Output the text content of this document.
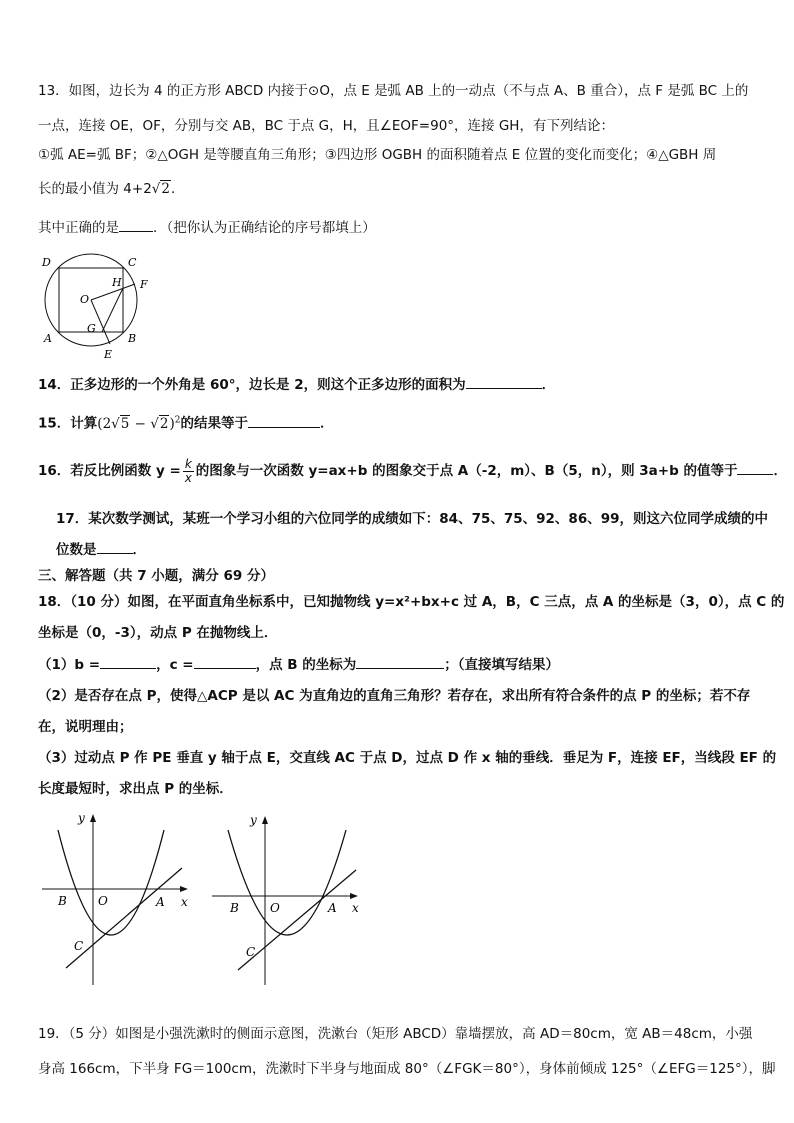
13．如图，边长为 4 的正方形 ABCD 内接于⊙O，点 E 是弧 AB 上的一动点（不与点 A、B 重合），点 F 是弧 BC 上的
一点，连接 OE，OF，分别与交 AB，BC 于点 G，H，且∠EOF=90°，连接 GH，有下列结论：
①弧 AE=弧 BF；②△OGH 是等腰直角三角形；③四边形 OGBH 的面积随着点 E 位置的变化而变化；④△GBH 周
长的最小值为 4+2√2．
其中正确的是	．（把你认为正确结论的序号都填上）
D	C
H F
O
G
A	B
E
14．正多边形的一个外角是 60°，边长是 2，则这个正多边形的面积为	．
15．计算$(2√5 - √2)^2$的结果等于	．
16．若反比例函数 $y = \frac{k}{x}$ 的图象与一次函数 y=ax+b 的图象交于点 A（-2，m）、B（5，n），则 3a+b 的值等于	．
17．某次数学测试，某班一个学习小组的六位同学的成绩如下：84、75、75、92、86、99，则这六位同学成绩的中
位数是	．
三、解答题（共 7 小题，满分 69 分）
18．（10 分）如图，在平面直角坐标系中，已知抛物线 y=x²+bx+c 过 A，B，C 三点，点 A 的坐标是（3，0），点 C 的
坐标是（0，-3），动点 P 在抛物线上．
（1）b =	，c =	，点 B 的坐标为	；（直接填写结果）
（2）是否存在点 P，使得△ACP 是以 AC 为直角边的直角三角形？若存在，求出所有符合条件的点 P 的坐标；若不存
在，说明理由；
（3）过动点 P 作 PE 垂直 y 轴于点 E，交直线 AC 于点 D，过点 D 作 x 轴的垂线．垂足为 F，连接 EF，当线段 EF 的
长度最短时，求出点 P 的坐标．
y
B	O	A x
C
y
B	O	A x
C
19．（5 分）如图是小强洗漱时的侧面示意图，洗漱台（矩形 ABCD）靠墙摆放，高 AD＝80cm，宽 AB＝48cm，小强
身高 166cm，下半身 FG＝100cm，洗漱时下半身与地面成 80°（∠FGK＝80°），身体前倾成 125°（∠EFG＝125°），脚
